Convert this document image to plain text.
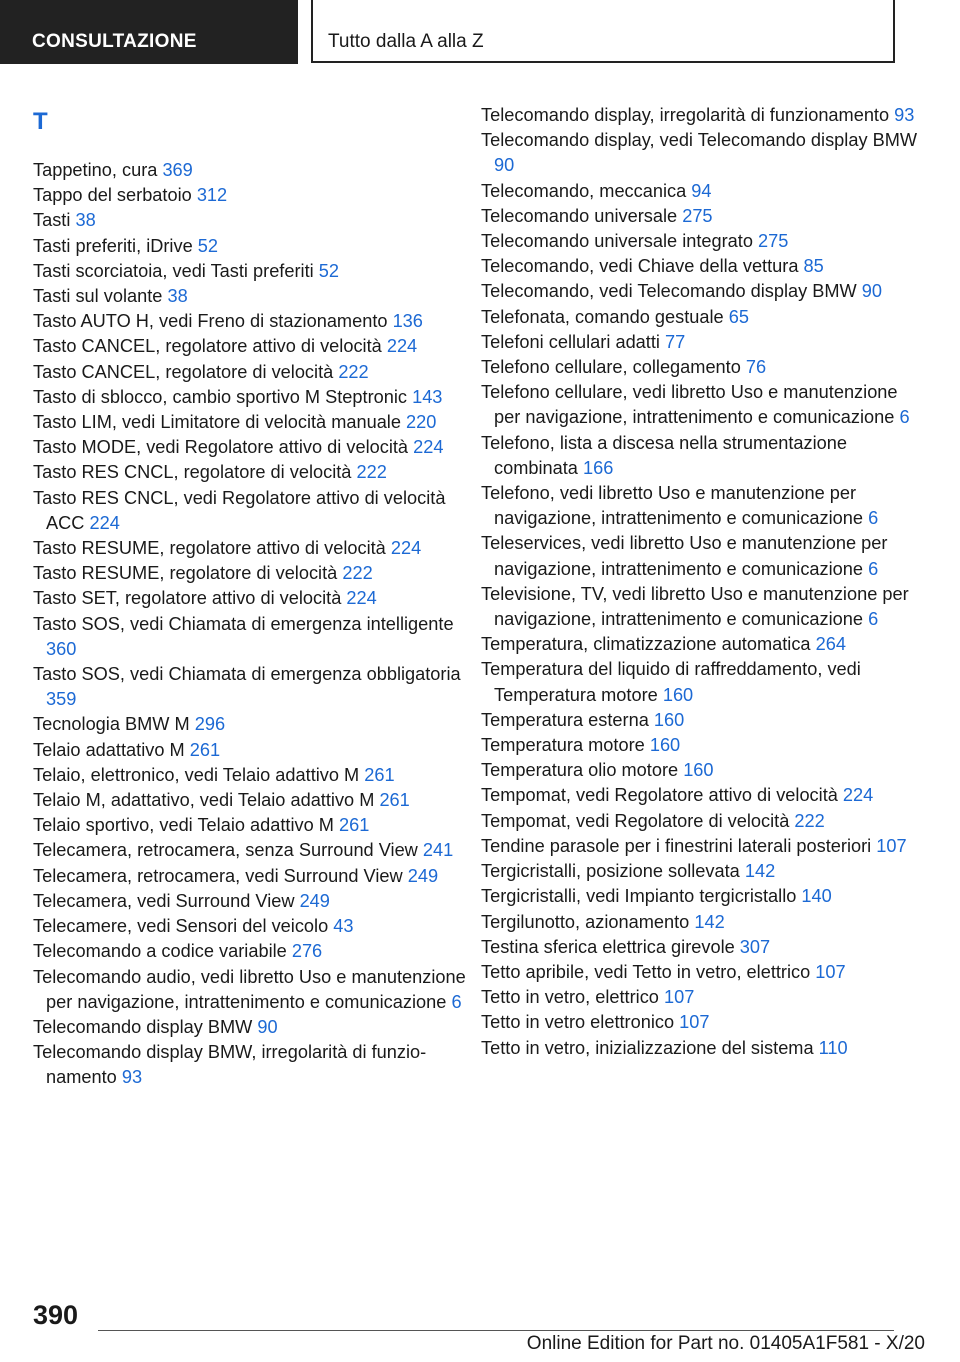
CONSULTAZIONE	Tutto dalla A alla Z
T
Tappetino, cura 369
Tappo del serbatoio 312
Tasti 38
Tasti preferiti, iDrive 52
Tasti scorciatoia, vedi Tasti preferiti 52
Tasti sul volante 38
Tasto AUTO H, vedi Freno di stazionamento 136
Tasto CANCEL, regolatore attivo di velocità 224
Tasto CANCEL, regolatore di velocità 222
Tasto di sblocco, cambio sportivo M Steptronic 143
Tasto LIM, vedi Limitatore di velocità manuale 220
Tasto MODE, vedi Regolatore attivo di velocità 224
Tasto RES CNCL, regolatore di velocità 222
Tasto RES CNCL, vedi Regolatore attivo di velocità ACC 224
Tasto RESUME, regolatore attivo di velocità 224
Tasto RESUME, regolatore di velocità 222
Tasto SET, regolatore attivo di velocità 224
Tasto SOS, vedi Chiamata di emergenza intelligente 360
Tasto SOS, vedi Chiamata di emergenza obbligatoria 359
Tecnologia BMW M 296
Telaio adattativo M 261
Telaio, elettronico, vedi Telaio adattivo M 261
Telaio M, adattativo, vedi Telaio adattivo M 261
Telaio sportivo, vedi Telaio adattivo M 261
Telecamera, retrocamera, senza Surround View 241
Telecamera, retrocamera, vedi Surround View 249
Telecamera, vedi Surround View 249
Telecamere, vedi Sensori del veicolo 43
Telecomando a codice variabile 276
Telecomando audio, vedi libretto Uso e manutenzione per navigazione, intrattenimento e comunicazione 6
Telecomando display BMW 90
Telecomando display BMW, irregolarità di funzionamento 93
Telecomando display, irregolarità di funzionamento 93
Telecomando display, vedi Telecomando display BMW 90
Telecomando, meccanica 94
Telecomando universale 275
Telecomando universale integrato 275
Telecomando, vedi Chiave della vettura 85
Telecomando, vedi Telecomando display BMW 90
Telefonata, comando gestuale 65
Telefoni cellulari adatti 77
Telefono cellulare, collegamento 76
Telefono cellulare, vedi libretto Uso e manutenzione per navigazione, intrattenimento e comunicazione 6
Telefono, lista a discesa nella strumentazione combinata 166
Telefono, vedi libretto Uso e manutenzione per navigazione, intrattenimento e comunicazione 6
Teleservices, vedi libretto Uso e manutenzione per navigazione, intrattenimento e comunicazione 6
Televisione, TV, vedi libretto Uso e manutenzione per navigazione, intrattenimento e comunicazione 6
Temperatura, climatizzazione automatica 264
Temperatura del liquido di raffreddamento, vedi Temperatura motore 160
Temperatura esterna 160
Temperatura motore 160
Temperatura olio motore 160
Tempomat, vedi Regolatore attivo di velocità 224
Tempomat, vedi Regolatore di velocità 222
Tendine parasole per i finestrini laterali posteriori 107
Tergicristalli, posizione sollevata 142
Tergicristalli, vedi Impianto tergicristallo 140
Tergilunotto, azionamento 142
Testina sferica elettrica girevole 307
Tetto apribile, vedi Tetto in vetro, elettrico 107
Tetto in vetro, elettrico 107
Tetto in vetro elettronico 107
Tetto in vetro, inizializzazione del sistema 110
390
Online Edition for Part no. 01405A1F581 - X/20
